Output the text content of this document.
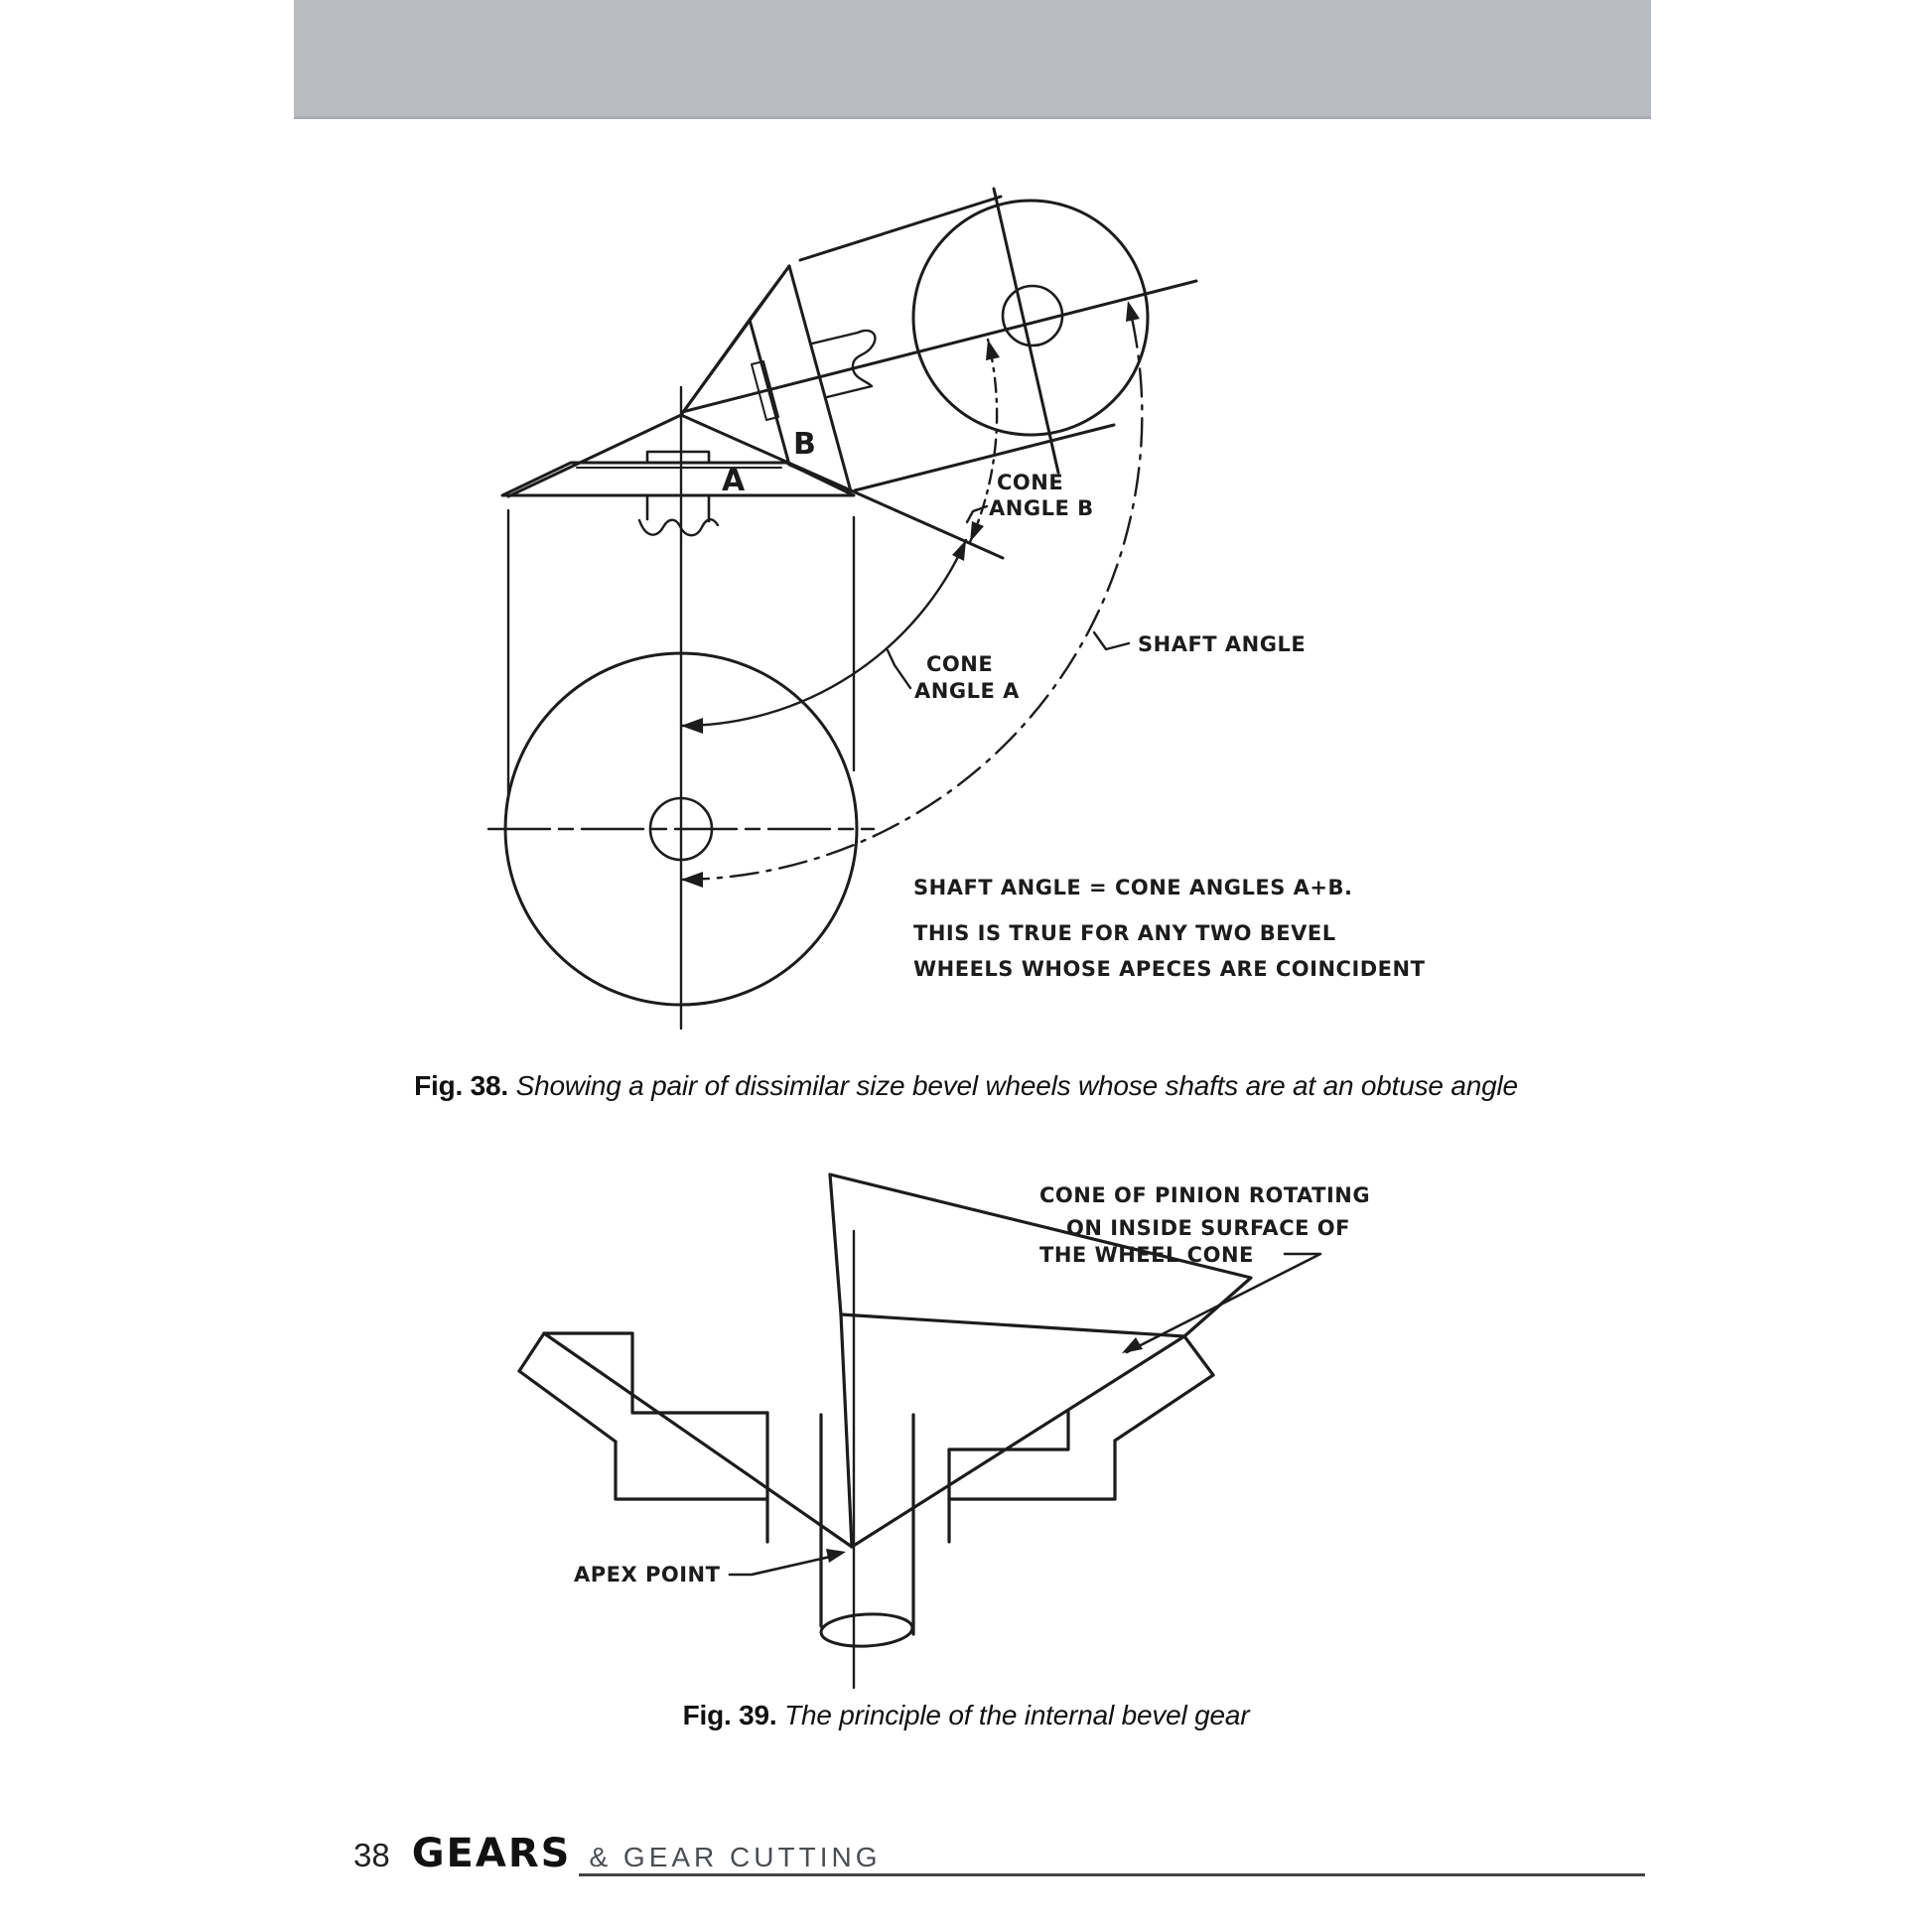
CONE
ANGLE B
SHAFT ANGLE
CONE
ANGLE A
A
B
SHAFT ANGLE = CONE ANGLES A+B.
THIS IS TRUE FOR ANY TWO BEVEL
WHEELS WHOSE APECES ARE COINCIDENT
Fig. 38. Showing a pair of dissimilar size bevel wheels whose shafts are at an obtuse angle
CONE OF PINION ROTATING
ON INSIDE SURFACE OF
THE WHEEL CONE
APEX POINT
Fig. 39. The principle of the internal bevel gear
38 GEARS & GEAR CUTTING
